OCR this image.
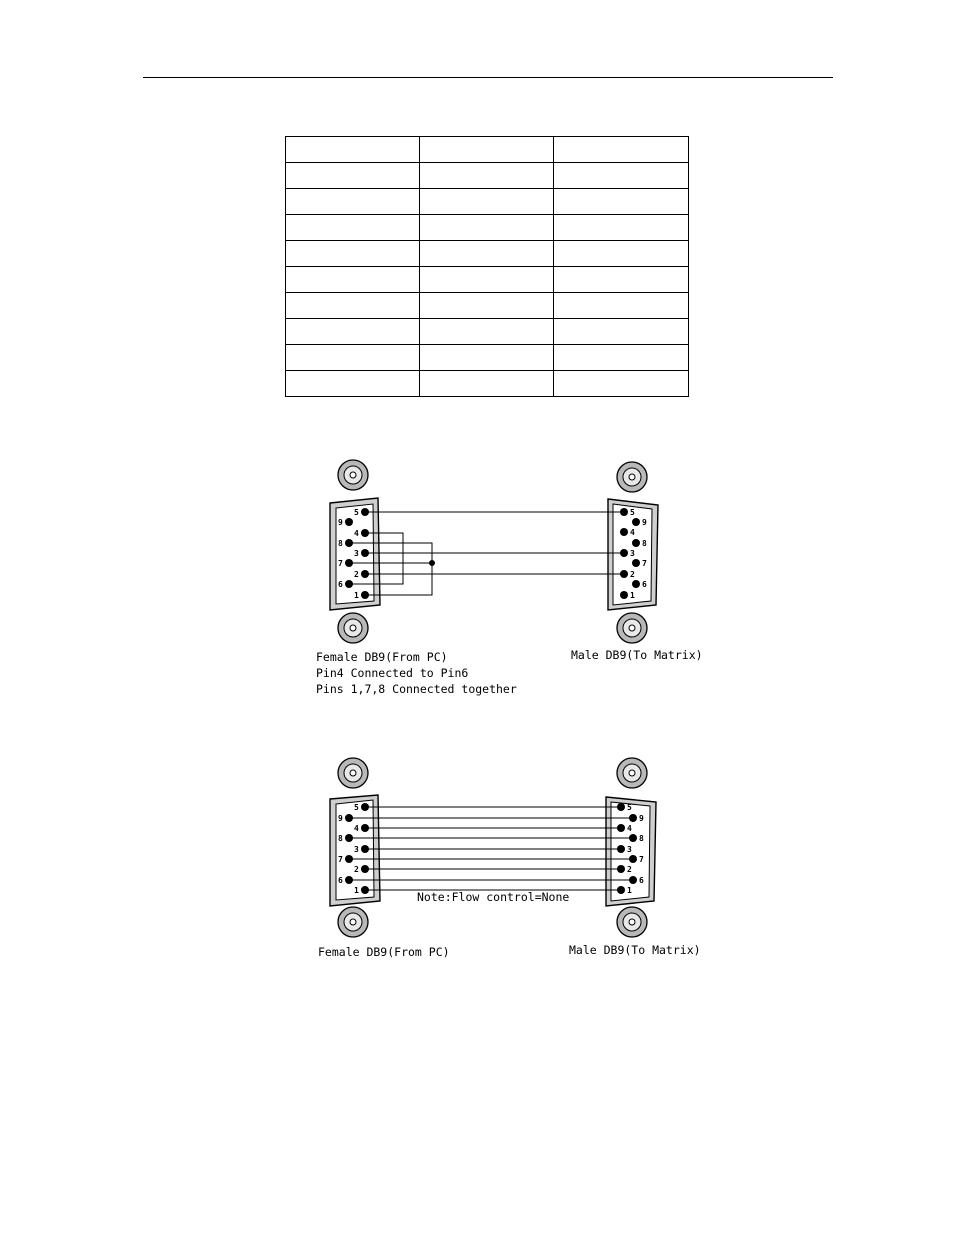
5
9
4
8
3
7
2
6
1
5
4
9
8
3
7
2
6
1
Female DB9(From PC)
Pin4 Connected to Pin6
Pins 1,7,8 Connected together
Male DB9(To Matrix)
5
9
4
8
3
7
2
6
1
5
9
4
8
3
7
2
6
1
Note:Flow control=None
Female DB9(From PC)	Male DB9(To Matrix)
